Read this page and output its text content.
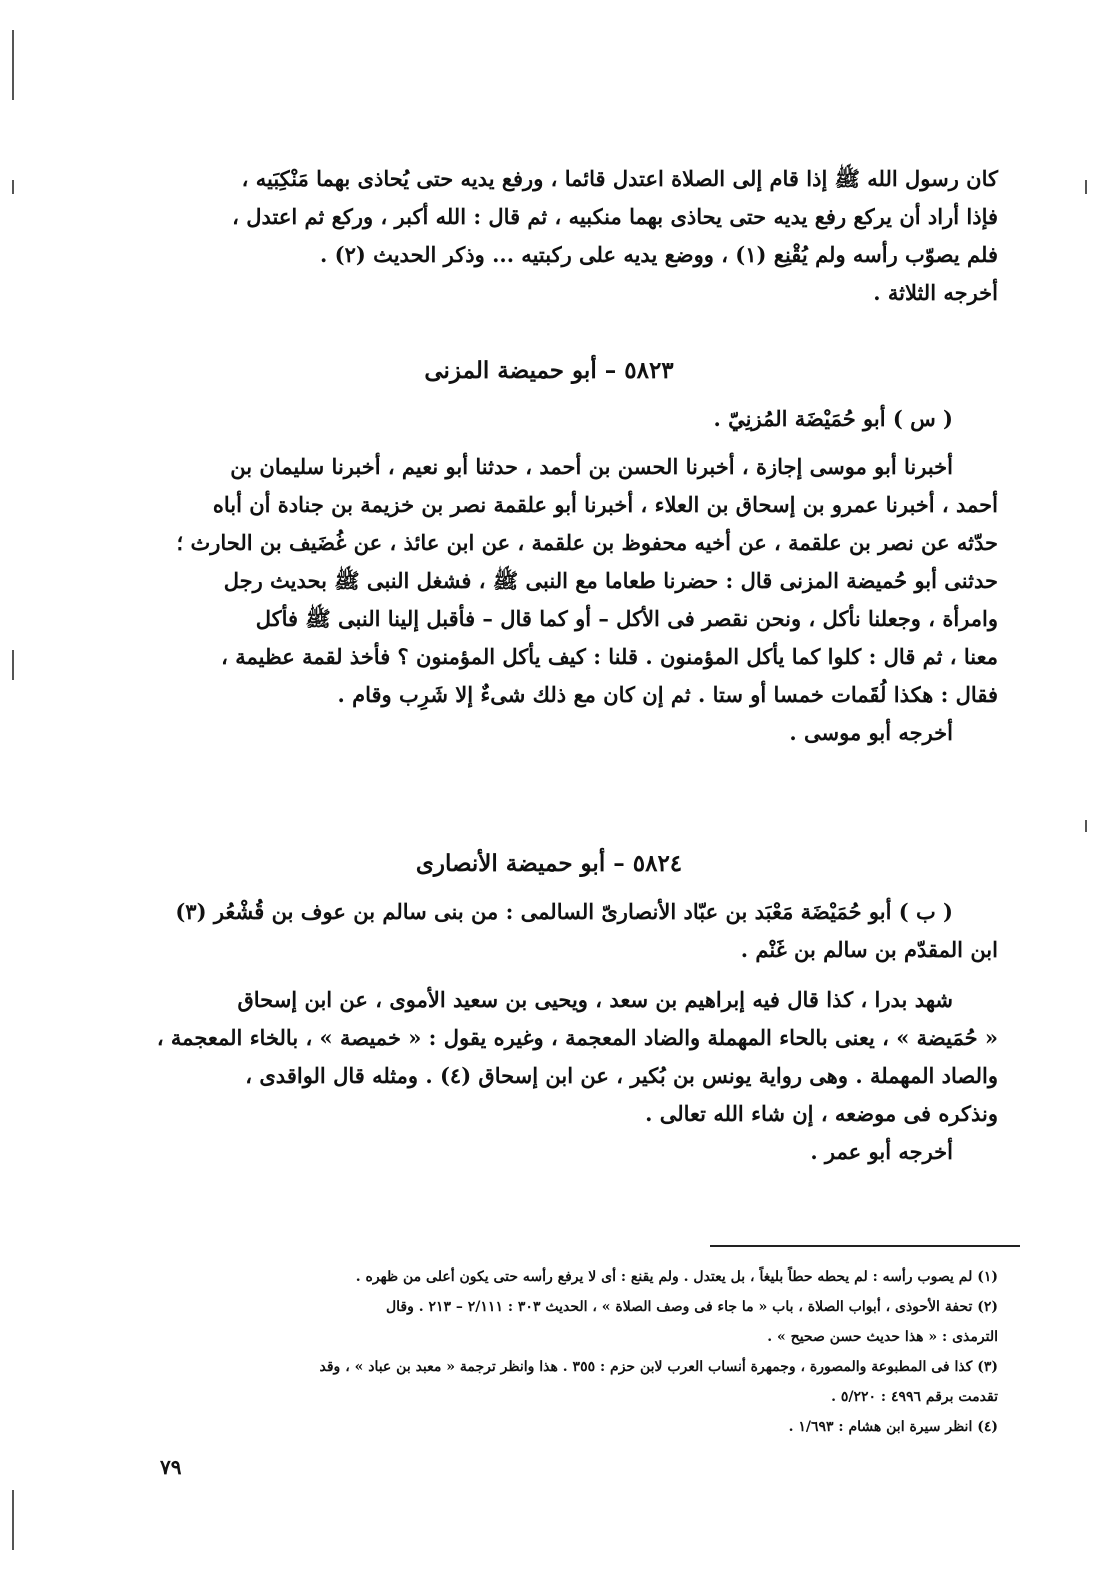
كان رسول الله ﷺ إذا قام إلى الصلاة اعتدل قائما ، ورفع يديه حتى يُحاذى بهما مَنْكِبَيه ،

فإذا أراد أن يركع رفع يديه حتى يحاذى بهما منكبيه ، ثم قال : الله أكبر ، وركع ثم اعتدل ،

فلم يصوّب رأسه ولم يُقْنِع (١) ، ووضع يديه على ركبتيه ... وذكر الحديث (٢) .

أخرجه الثلاثة .

٥٨٢٣ – أبو حميضة المزنى

( س ) أبو حُمَيْضَة المُزنِيّ .

أخبرنا أبو موسى إجازة ، أخبرنا الحسن بن أحمد ، حدثنا أبو نعيم ، أخبرنا سليمان بن

أحمد ، أخبرنا عمرو بن إسحاق بن العلاء ، أخبرنا أبو علقمة نصر بن خزيمة بن جنادة أن أباه

حدّثه عن نصر بن علقمة ، عن أخيه محفوظ بن علقمة ، عن ابن عائذ ، عن غُضَيف بن الحارث ؛

حدثنى أبو حُميضة المزنى قال : حضرنا طعاما مع النبى ﷺ ، فشغل النبى ﷺ بحديث رجل

وامرأة ، وجعلنا نأكل ، ونحن نقصر فى الأكل – أو كما قال – فأقبل إلينا النبى ﷺ فأكل

معنا ، ثم قال : كلوا كما يأكل المؤمنون . قلنا : كيف يأكل المؤمنون ؟ فأخذ لقمة عظيمة ،

فقال : هكذا لُقَمات خمسا أو ستا . ثم إن كان مع ذلك شىءٌ إلا شَرِب وقام .

أخرجه أبو موسى .

٥٨٢٤ – أبو حميضة الأنصارى

( ب ) أبو حُمَيْضَة مَعْبَد بن عبّاد الأنصارىّ السالمى : من بنى سالم بن عوف بن قُشْعُر (٣)

ابن المقدّم بن سالم بن غَنْم .

شهد بدرا ، كذا قال فيه إبراهيم بن سعد ، ويحيى بن سعيد الأموى ، عن ابن إسحاق

« حُمَيضة » ، يعنى بالحاء المهملة والضاد المعجمة ، وغيره يقول : « خميصة » ، بالخاء المعجمة ،

والصاد المهملة . وهى رواية يونس بن بُكير ، عن ابن إسحاق (٤) . ومثله قال الواقدى ،

ونذكره فى موضعه ، إن شاء الله تعالى .

أخرجه أبو عمر .

(١) لم يصوب رأسه : لم يحطه حطاً بليغاً ، بل يعتدل . ولم يقنع : أى لا يرفع رأسه حتى يكون أعلى من ظهره .

(٢) تحفة الأحوذى ، أبواب الصلاة ، باب « ما جاء فى وصف الصلاة » ، الحديث ٣٠٣ : ٢/١١١ – ٢١٣ . وقال

الترمذى : « هذا حديث حسن صحيح » .

(٣) كذا فى المطبوعة والمصورة ، وجمهرة أنساب العرب لابن حزم : ٣٥٥ . هذا وانظر ترجمة « معبد بن عباد » ، وقد

تقدمت برقم ٤٩٩٦ : ٥/٢٢٠ .

(٤) انظر سيرة ابن هشام : ١/٦٩٣ .

٧٩
